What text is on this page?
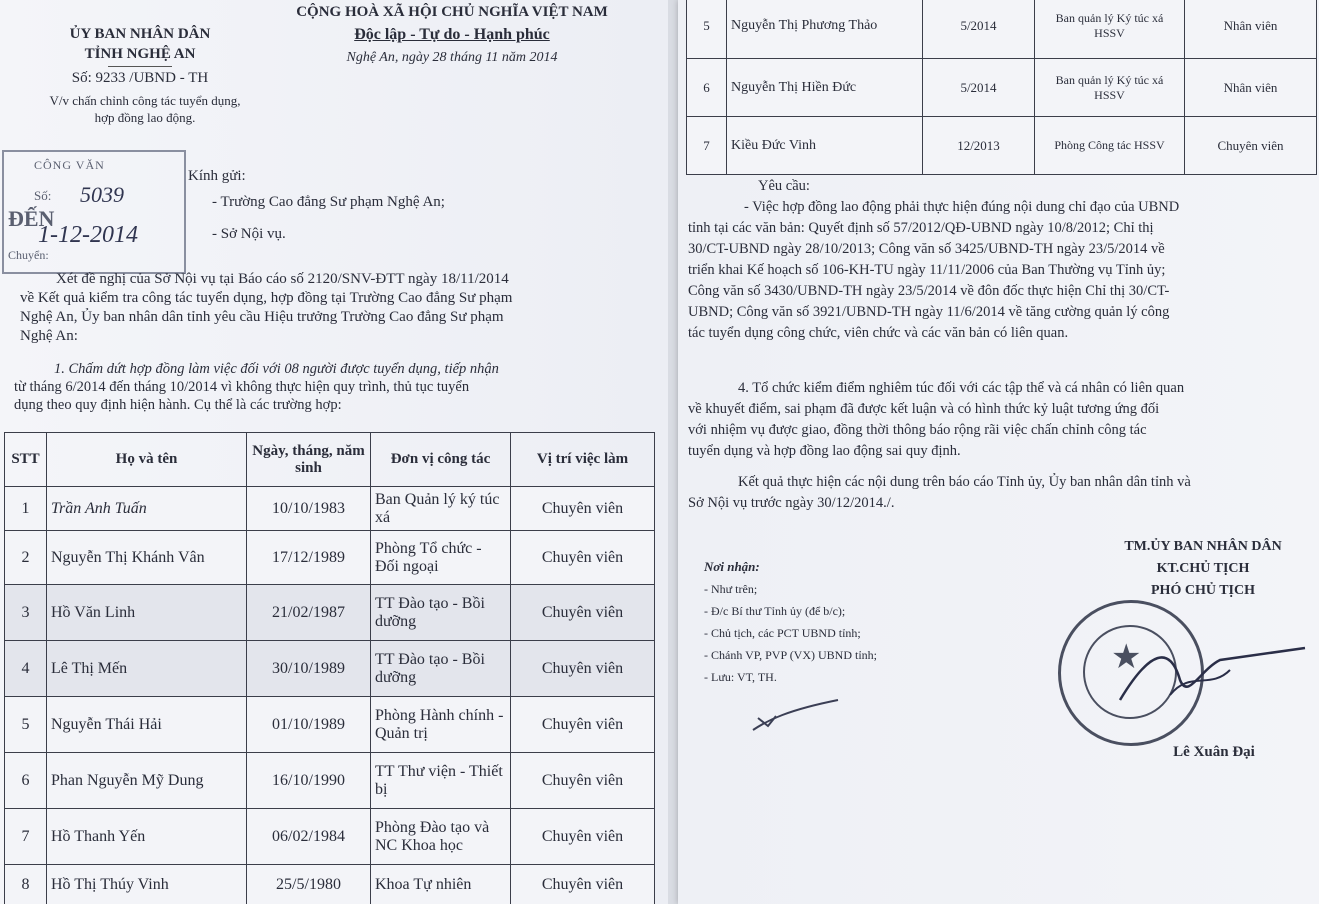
ỦY BAN NHÂN DÂN
TỈNH NGHỆ AN
Số: 9233 /UBND - TH
V/v chấn chỉnh công tác tuyển dụng,
hợp đồng lao động.
CỘNG HOÀ XÃ HỘI CHỦ NGHĨA VIỆT NAM
Độc lập - Tự do - Hạnh phúc
Nghệ An, ngày 28 tháng 11 năm 2014
CÔNG VĂN
Số: 5039
ĐẾN
1-12-2014
Chuyển:
Kính gửi:
- Trường Cao đẳng Sư phạm Nghệ An;
- Sở Nội vụ.
Xét đề nghị của Sở Nội vụ tại Báo cáo số 2120/SNV-ĐTT ngày 18/11/2014
về Kết quả kiểm tra công tác tuyển dụng, hợp đồng tại Trường Cao đẳng Sư phạm
Nghệ An, Ủy ban nhân dân tỉnh yêu cầu Hiệu trưởng Trường Cao đẳng Sư phạm
Nghệ An:
1. Chấm dứt hợp đồng làm việc đối với 08 người được tuyển dụng, tiếp nhận
từ tháng 6/2014 đến tháng 10/2014 vì không thực hiện quy trình, thủ tục tuyển
dụng theo quy định hiện hành. Cụ thể là các trường hợp:
STT	Họ và tên	Ngày, tháng, năm sinh	Đơn vị công tác	Vị trí việc làm
1	Trần Anh Tuấn	10/10/1983	Ban Quản lý ký túc xá	Chuyên viên
2	Nguyễn Thị Khánh Vân	17/12/1989	Phòng Tổ chức - Đối ngoại	Chuyên viên
3	Hồ Văn Linh	21/02/1987	TT Đào tạo - Bồi dưỡng	Chuyên viên
4	Lê Thị Mến	30/10/1989	TT Đào tạo - Bồi dưỡng	Chuyên viên
5	Nguyễn Thái Hải	01/10/1989	Phòng Hành chính - Quản trị	Chuyên viên
6	Phan Nguyễn Mỹ Dung	16/10/1990	TT Thư viện - Thiết bị	Chuyên viên
7	Hồ Thanh Yến	06/02/1984	Phòng Đào tạo và NC Khoa học	Chuyên viên
8	Hồ Thị Thúy Vinh	25/5/1980	Khoa Tự nhiên	Chuyên viên
5	Nguyễn Thị Phương Thảo	5/2014	Ban quản lý Ký túc xá HSSV	Nhân viên
6	Nguyễn Thị Hiền Đức	5/2014	Ban quản lý Ký túc xá HSSV	Nhân viên
7	Kiều Đức Vinh	12/2013	Phòng Công tác HSSV	Chuyên viên
Yêu cầu:
- Việc hợp đồng lao động phải thực hiện đúng nội dung chỉ đạo của UBND
tỉnh tại các văn bản: Quyết định số 57/2012/QĐ-UBND ngày 10/8/2012; Chỉ thị
30/CT-UBND ngày 28/10/2013; Công văn số 3425/UBND-TH ngày 23/5/2014 về
triển khai Kế hoạch số 106-KH-TU ngày 11/11/2006 của Ban Thường vụ Tỉnh ủy;
Công văn số 3430/UBND-TH ngày 23/5/2014 về đôn đốc thực hiện Chỉ thị 30/CT-
UBND; Công văn số 3921/UBND-TH ngày 11/6/2014 về tăng cường quản lý công
tác tuyển dụng công chức, viên chức và các văn bản có liên quan.
4. Tổ chức kiểm điểm nghiêm túc đối với các tập thể và cá nhân có liên quan
về khuyết điểm, sai phạm đã được kết luận và có hình thức kỷ luật tương ứng đối
với nhiệm vụ được giao, đồng thời thông báo rộng rãi việc chấn chỉnh công tác
tuyển dụng và hợp đồng lao động sai quy định.
Kết quả thực hiện các nội dung trên báo cáo Tỉnh ủy, Ủy ban nhân dân tỉnh và
Sở Nội vụ trước ngày 30/12/2014./.
Nơi nhận:
- Như trên;
- Đ/c Bí thư Tỉnh ủy (để b/c);
- Chủ tịch, các PCT UBND tỉnh;
- Chánh VP, PVP (VX) UBND tỉnh;
- Lưu: VT, TH.
TM.ỦY BAN NHÂN DÂN
KT.CHỦ TỊCH
PHÓ CHỦ TỊCH
Lê Xuân Đại
★
